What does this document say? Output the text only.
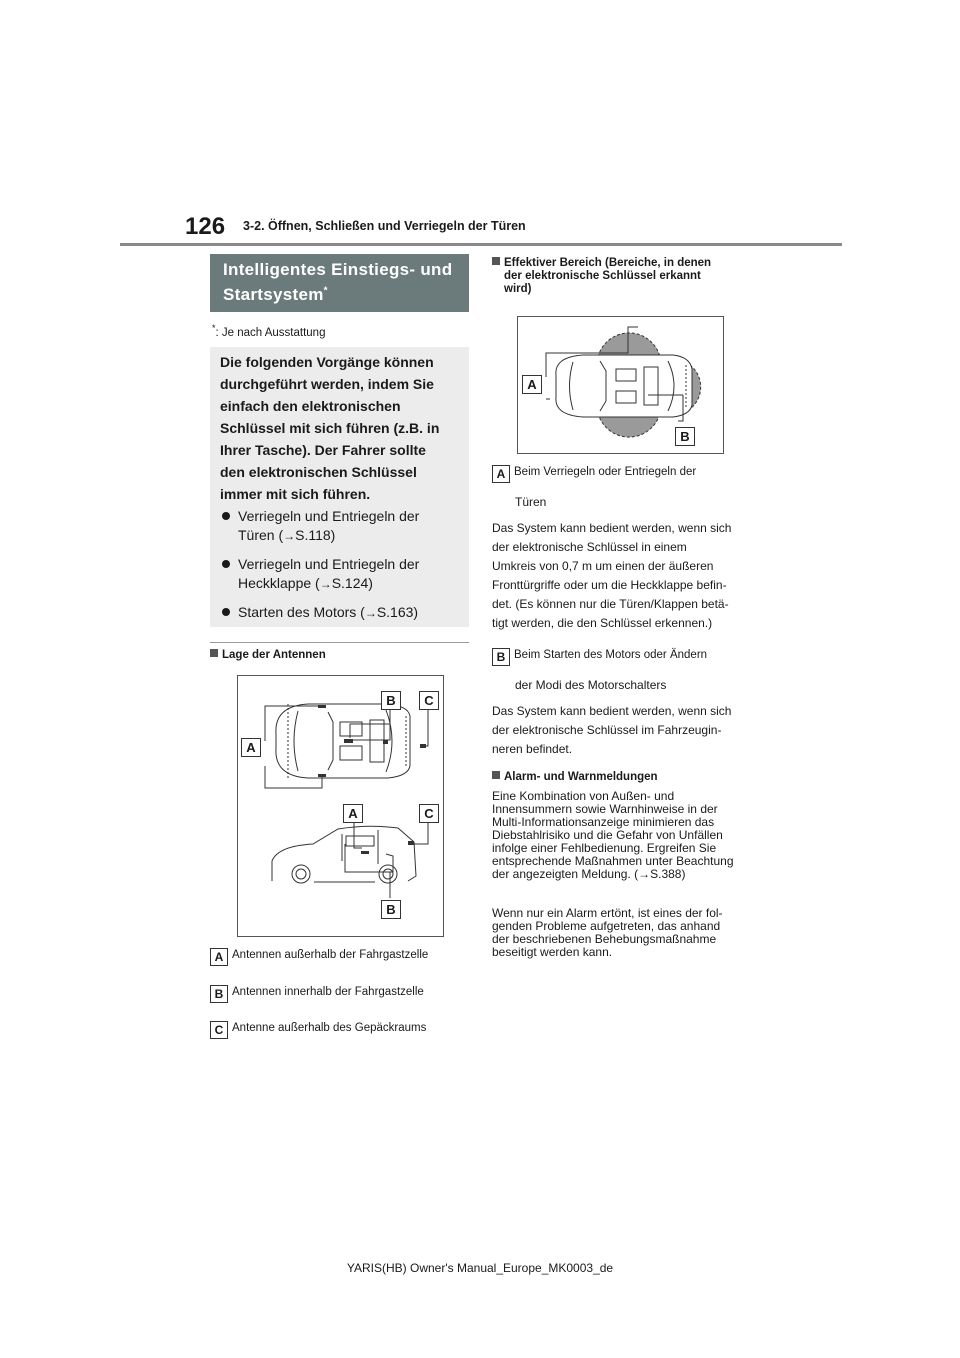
126 3-2. Öffnen, Schließen und Verriegeln der Türen
Intelligentes Einstiegs- und
Startsystem*
*: Je nach Ausstattung
Die folgenden Vorgänge können
durchgeführt werden, indem Sie
einfach den elektronischen
Schlüssel mit sich führen (z.B. in
Ihrer Tasche). Der Fahrer sollte
den elektronischen Schlüssel
immer mit sich führen.
Verriegeln und Entriegeln der
Türen (→S.118)
Verriegeln und Entriegeln der
Heckklappe (→S.124)
Starten des Motors (→S.163)
Lage der Antennen
A
B	C
A	C
B
A Antennen außerhalb der Fahrgastzelle
B Antennen innerhalb der Fahrgastzelle
C Antenne außerhalb des Gepäckraums
Effektiver Bereich (Bereiche, in denen
der elektronische Schlüssel erkannt
wird)
A
B
A Beim Verriegeln oder Entriegeln der
Türen
Das System kann bedient werden, wenn sich
der elektronische Schlüssel in einem
Umkreis von 0,7 m um einen der äußeren
Fronttürgriffe oder um die Heckklappe befin-
det. (Es können nur die Türen/Klappen betä-
tigt werden, die den Schlüssel erkennen.)
B Beim Starten des Motors oder Ändern
der Modi des Motorschalters
Das System kann bedient werden, wenn sich
der elektronische Schlüssel im Fahrzeugin-
neren befindet.
Alarm- und Warnmeldungen
Eine Kombination von Außen- und
Innensummern sowie Warnhinweise in der
Multi-Informationsanzeige minimieren das
Diebstahlrisiko und die Gefahr von Unfällen
infolge einer Fehlbedienung. Ergreifen Sie
entsprechende Maßnahmen unter Beachtung
der angezeigten Meldung. (→S.388)
Wenn nur ein Alarm ertönt, ist eines der fol-
genden Probleme aufgetreten, das anhand
der beschriebenen Behebungsmaßnahme
beseitigt werden kann.
YARIS(HB) Owner's Manual_Europe_MK0003_de
